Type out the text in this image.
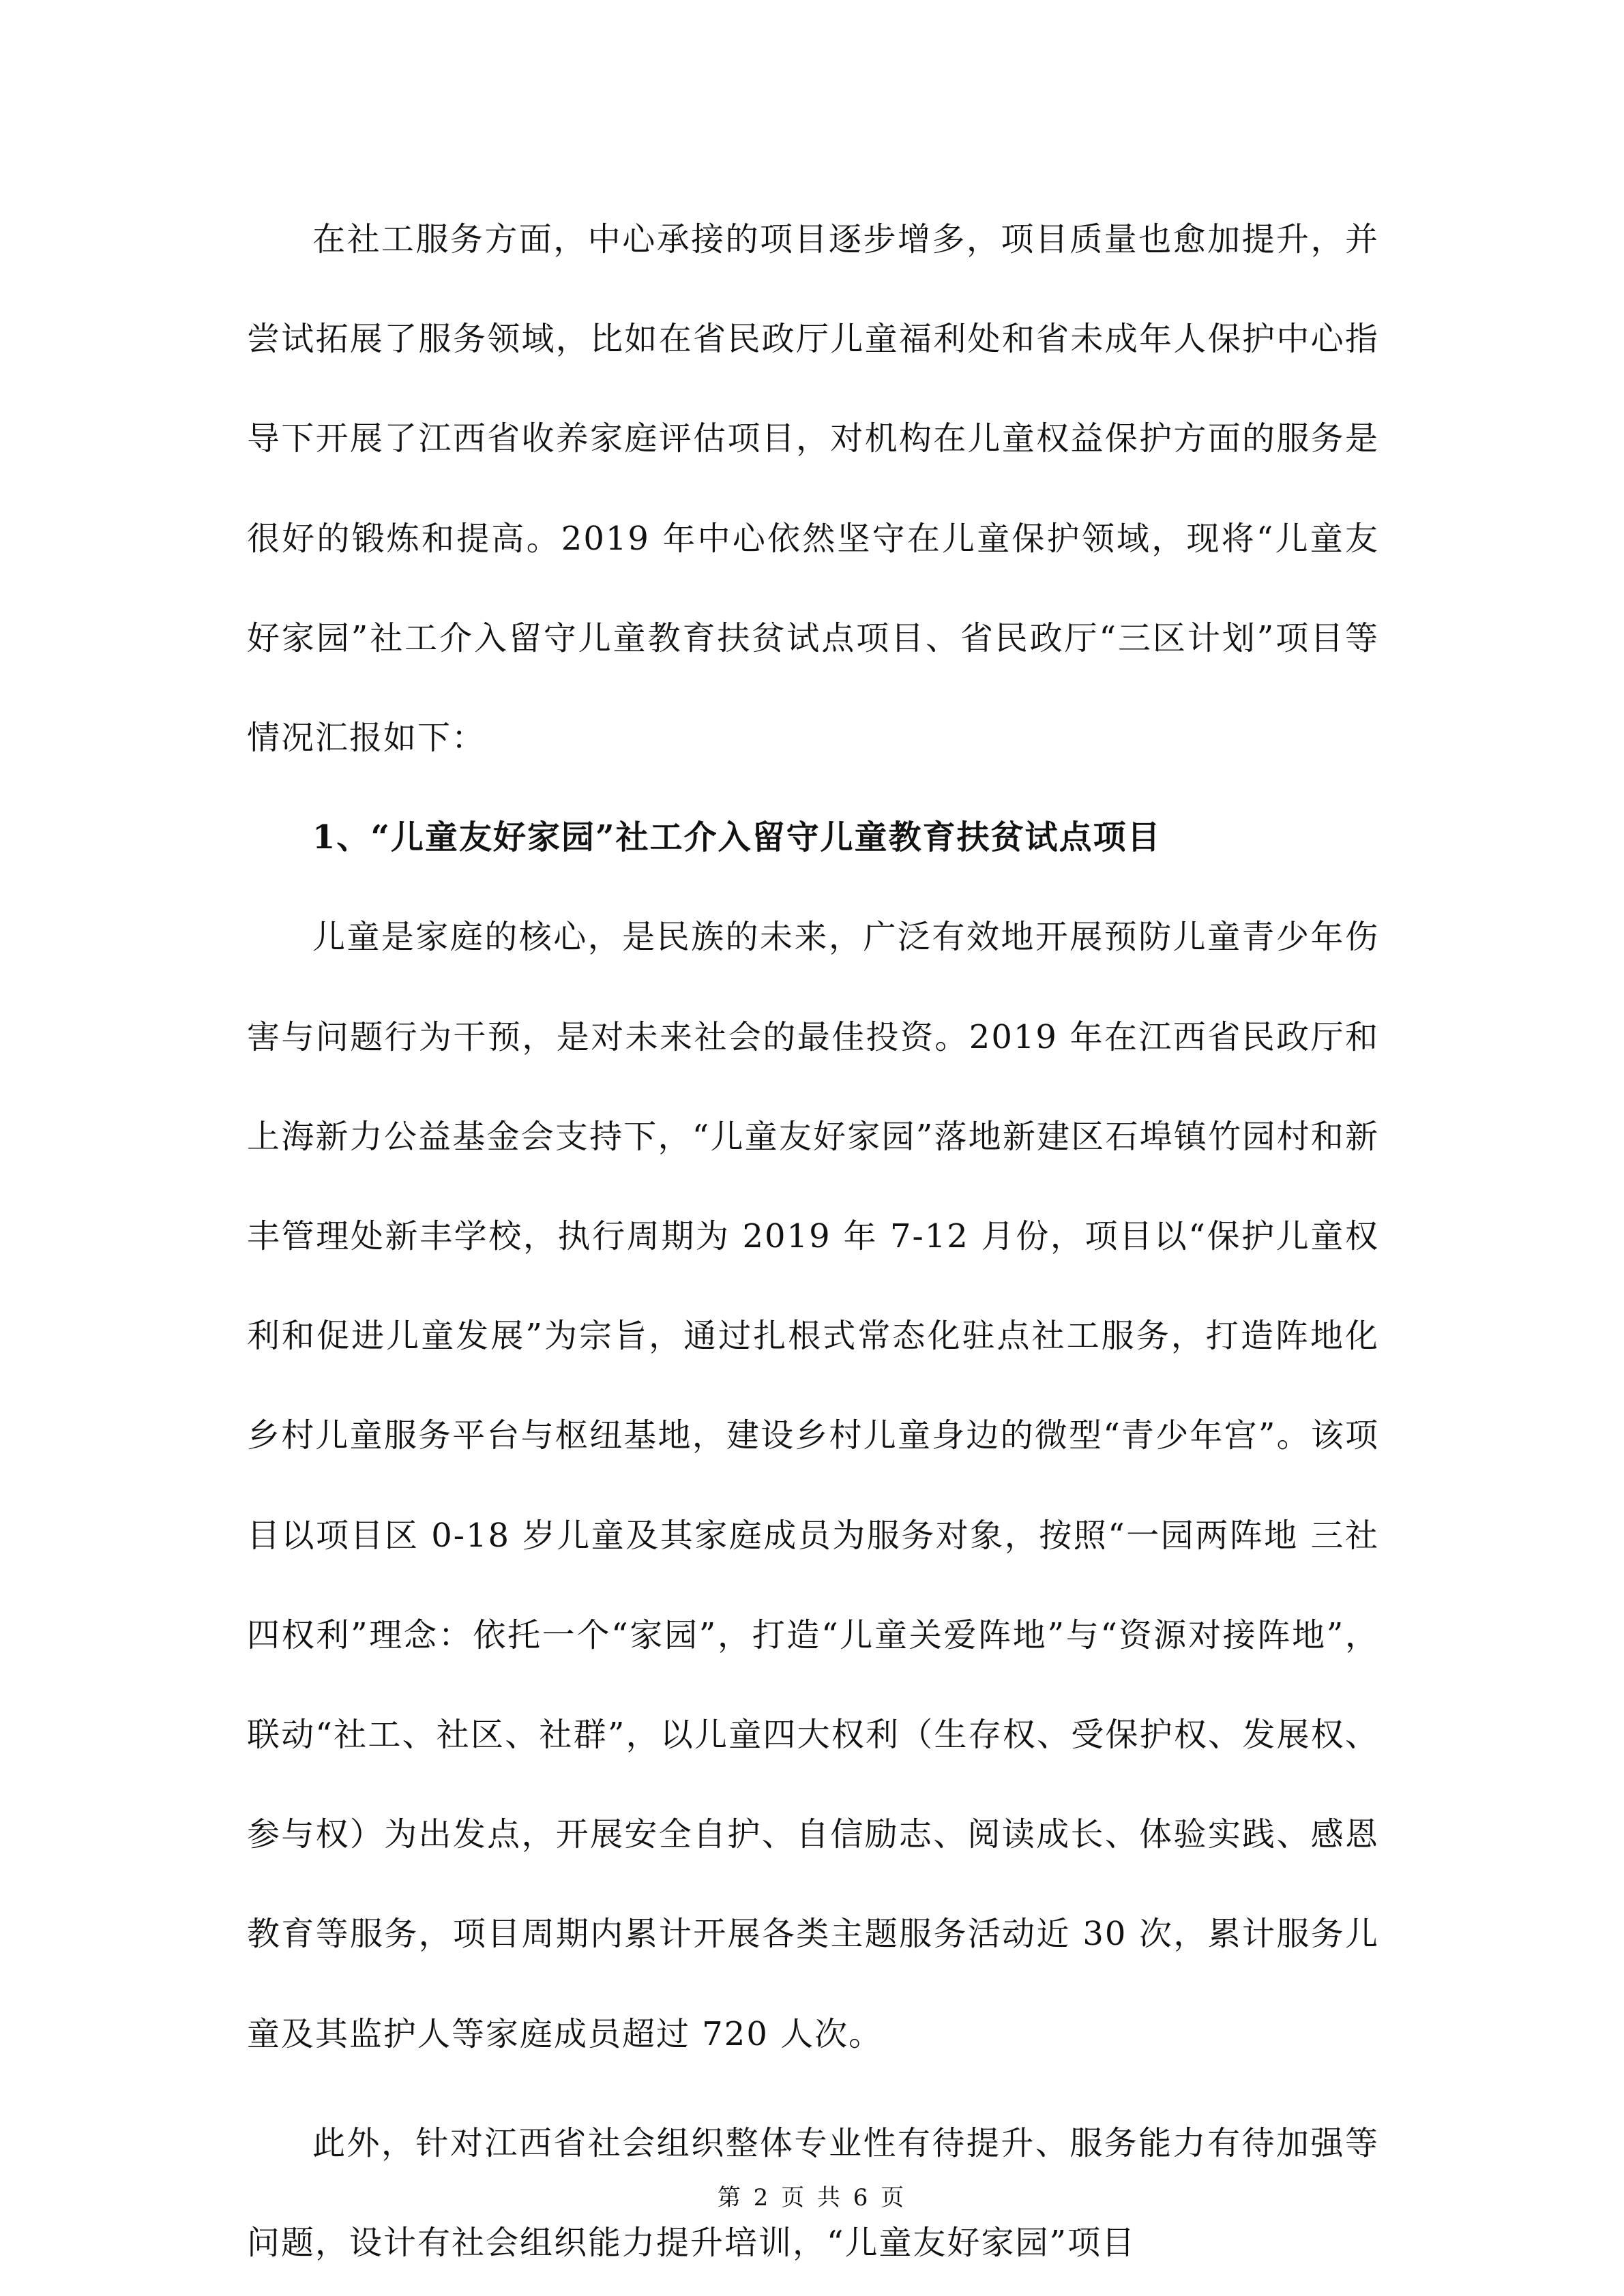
在社工服务方面，中心承接的项目逐步增多，项目质量也愈加提升，并尝试拓展了服务领域，比如在省民政厅儿童福利处和省未成年人保护中心指导下开展了江西省收养家庭评估项目，对机构在儿童权益保护方面的服务是很好的锻炼和提高。2019 年中心依然坚守在儿童保护领域，现将“儿童友好家园”社工介入留守儿童教育扶贫试点项目、省民政厅“三区计划”项目等情况汇报如下：

1、“儿童友好家园”社工介入留守儿童教育扶贫试点项目

儿童是家庭的核心，是民族的未来，广泛有效地开展预防儿童青少年伤害与问题行为干预，是对未来社会的最佳投资。2019 年在江西省民政厅和上海新力公益基金会支持下，“儿童友好家园”落地新建区石埠镇竹园村和新丰管理处新丰学校，执行周期为 2019 年 7-12 月份，项目以“保护儿童权利和促进儿童发展”为宗旨，通过扎根式常态化驻点社工服务，打造阵地化乡村儿童服务平台与枢纽基地，建设乡村儿童身边的微型“青少年宫”。该项目以项目区 0-18 岁儿童及其家庭成员为服务对象，按照“一园两阵地 三社四权利”理念：依托一个“家园”，打造“儿童关爱阵地”与“资源对接阵地”，联动“社工、社区、社群”，以儿童四大权利（生存权、受保护权、发展权、参与权）为出发点，开展安全自护、自信励志、阅读成长、体验实践、感恩教育等服务，项目周期内累计开展各类主题服务活动近 30 次，累计服务儿童及其监护人等家庭成员超过 720 人次。

此外，针对江西省社会组织整体专业性有待提升、服务能力有待加强等问题，设计有社会组织能力提升培训，“儿童友好家园”项目

第 2 页 共 6 页
